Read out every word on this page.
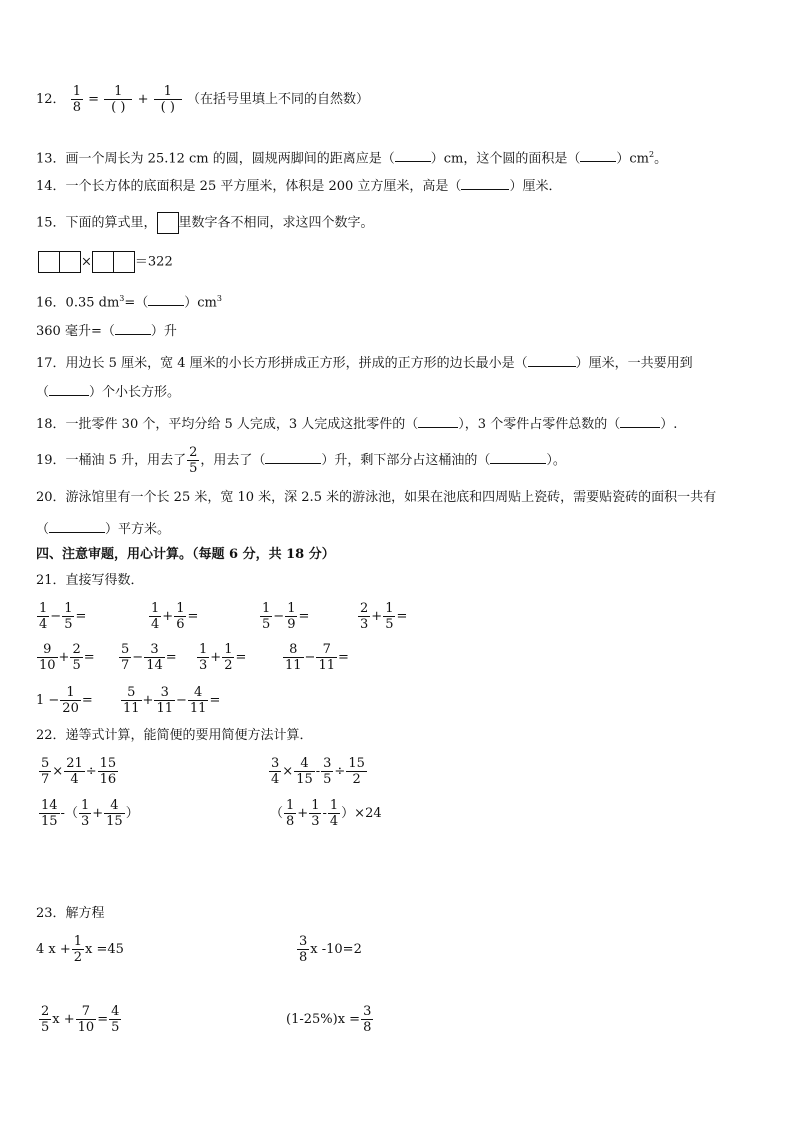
12． $\frac{1}{8} = \frac{1}{( )} + \frac{1}{( )}$ （在括号里填上不同的自然数）
13．画一个周长为 25.12 cm 的圆，圆规两脚间的距离应是（	）cm，这个圆的面积是（	）$cm^2$。
14．一个长方体的底面积是 25 平方厘米，体积是 200 立方厘米，高是（	）厘米．
15．下面的算式里， 里数字各不相同，求这四个数字。
×	＝322
16．0.35 $dm^3=$（	）$cm^3$
360 毫升=（	）升
17．用边长 5 厘米，宽 4 厘米的小长方形拼成正方形，拼成的正方形的边长最小是（	）厘米，一共要用到
（	）个小长方形。
18．一批零件 30 个，平均分给 5 人完成，3 人完成这批零件的（	），3 个零件占零件总数的（	）.
19．一桶油 5 升，用去了 $\frac{2}{5}$ ，用去了（	）升，剩下部分占这桶油的（	）。
20．游泳馆里有一个长 25 米，宽 10 米，深 2.5 米的游泳池，如果在池底和四周贴上瓷砖，需要贴瓷砖的面积一共有
（	）平方米。
四、注意审题，用心计算。（每题 6 分，共 18 分）
21．直接写得数．
$\frac{1}{4} - \frac{1}{5}$ =	$\frac{1}{4} + \frac{1}{6}$ =	$\frac{1}{5} - \frac{1}{9}$ =	$\frac{2}{3} + \frac{1}{5}$ =
$\frac{9}{10} + \frac{2}{5} = \frac{5}{7} - \frac{3}{14} = \frac{1}{3} + \frac{1}{2}$ =	$\frac{8}{11} - \frac{7}{11}$ =
$1 - \frac{1}{20} = \frac{5}{11} + \frac{3}{11} - \frac{4}{11}$ =
22．递等式计算，能简便的要用简便方法计算．
$\frac{5}{7} \times \frac{21}{4} \div \frac{15}{16}$	$\frac{3}{4} \times \frac{4}{15} - \frac{3}{5} \div \frac{15}{2}$
$\frac{14}{15}$ -（ $\frac{1}{3} + \frac{4}{15}$ ）	（ $\frac{1}{8} + \frac{1}{3} - \frac{1}{4} )\times 24$
23．解方程
4 $x + \frac{1}{2}$ x =45	$\frac{3}{8}$ x -10=2
$\frac{2}{5}$ $x + \frac{7}{10} = \frac{4}{5}$	$(1-25\%)x = \frac{3}{8}$
